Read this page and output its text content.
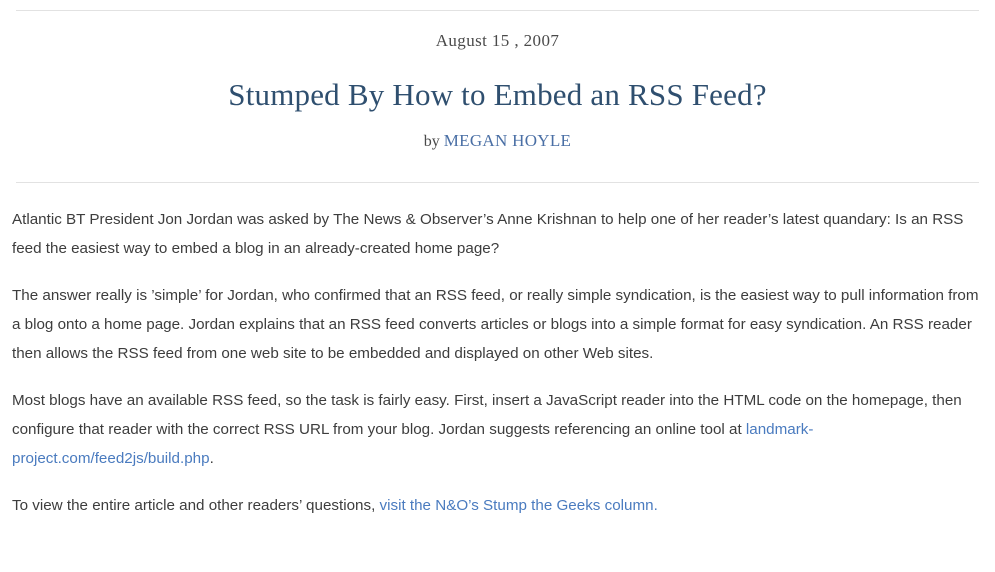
August 15 , 2007
Stumped By How to Embed an RSS Feed?
by MEGAN HOYLE

Atlantic BT President Jon Jordan was asked by The News & Observer’s Anne Krishnan to help one of her reader’s latest quandary: Is an RSS feed the easiest way to embed a blog in an already-created home page?

The answer really is ’simple’ for Jordan, who confirmed that an RSS feed, or really simple syndication, is the easiest way to pull information from a blog onto a home page. Jordan explains that an RSS feed converts articles or blogs into a simple format for easy syndication. An RSS reader then allows the RSS feed from one web site to be embedded and displayed on other Web sites.

Most blogs have an available RSS feed, so the task is fairly easy. First, insert a JavaScript reader into the HTML code on the homepage, then configure that reader with the correct RSS URL from your blog. Jordan suggests referencing an online tool at landmark-project.com/feed2js/build.php.

To view the entire article and other readers’ questions, visit the N&O’s Stump the Geeks column.
